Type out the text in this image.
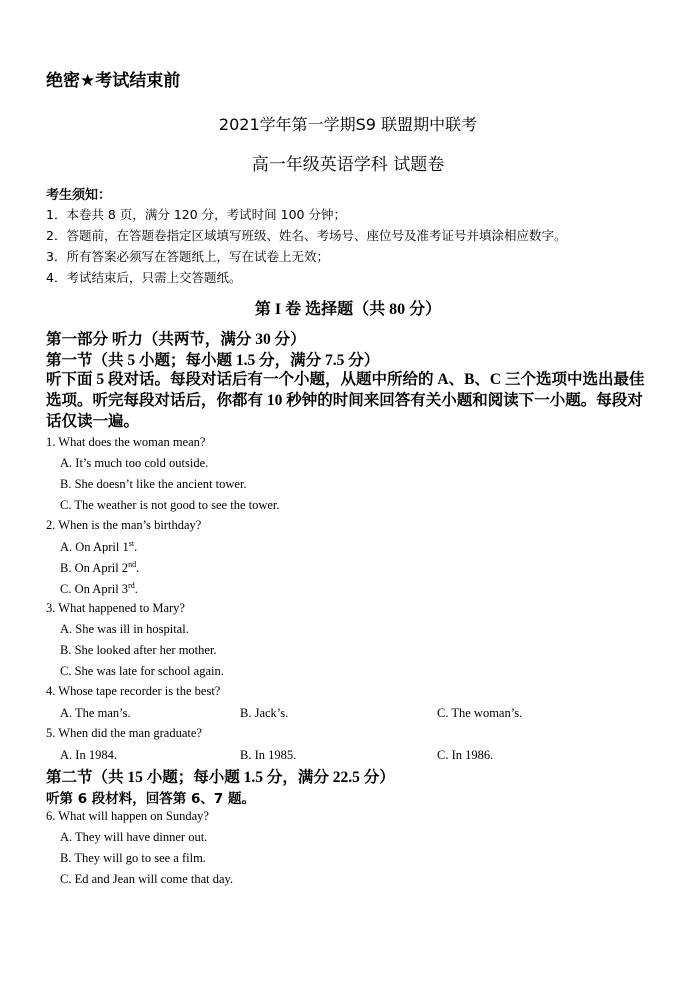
绝密★考试结束前
2021学年第一学期S9 联盟期中联考
高一年级英语学科 试题卷
考生须知：
1．本卷共 8 页，满分 120 分，考试时间 100 分钟；
2．答题前，在答题卷指定区域填写班级、姓名、考场号、座位号及准考证号并填涂相应数字。
3．所有答案必须写在答题纸上，写在试卷上无效；
4．考试结束后，只需上交答题纸。
第 I 卷 选择题（共 80 分）
第一部分 听力（共两节，满分 30 分）
第一节（共 5 小题；每小题 1.5 分，满分 7.5 分）
听下面 5 段对话。每段对话后有一个小题，从题中所给的 A、B、C 三个选项中选出最佳选项。听完每段对话后，你都有 10 秒钟的时间来回答有关小题和阅读下一小题。每段对话仅读一遍。
1. What does the woman mean?
A. It’s much too cold outside.
B. She doesn’t like the ancient tower.
C. The weather is not good to see the tower.
2. When is the man’s birthday?
A. On April 1st.
B. On April 2nd.
C. On April 3rd.
3. What happened to Mary?
A. She was ill in hospital.
B. She looked after her mother.
C. She was late for school again.
4. Whose tape recorder is the best?
A. The man’s.	B. Jack’s.	C. The woman’s.
5. When did the man graduate?
A. In 1984.	B. In 1985.	C. In 1986.
第二节（共 15 小题；每小题 1.5 分，满分 22.5 分）
听第 6 段材料，回答第 6、7 题。
6. What will happen on Sunday?
A. They will have dinner out.
B. They will go to see a film.
C. Ed and Jean will come that day.
